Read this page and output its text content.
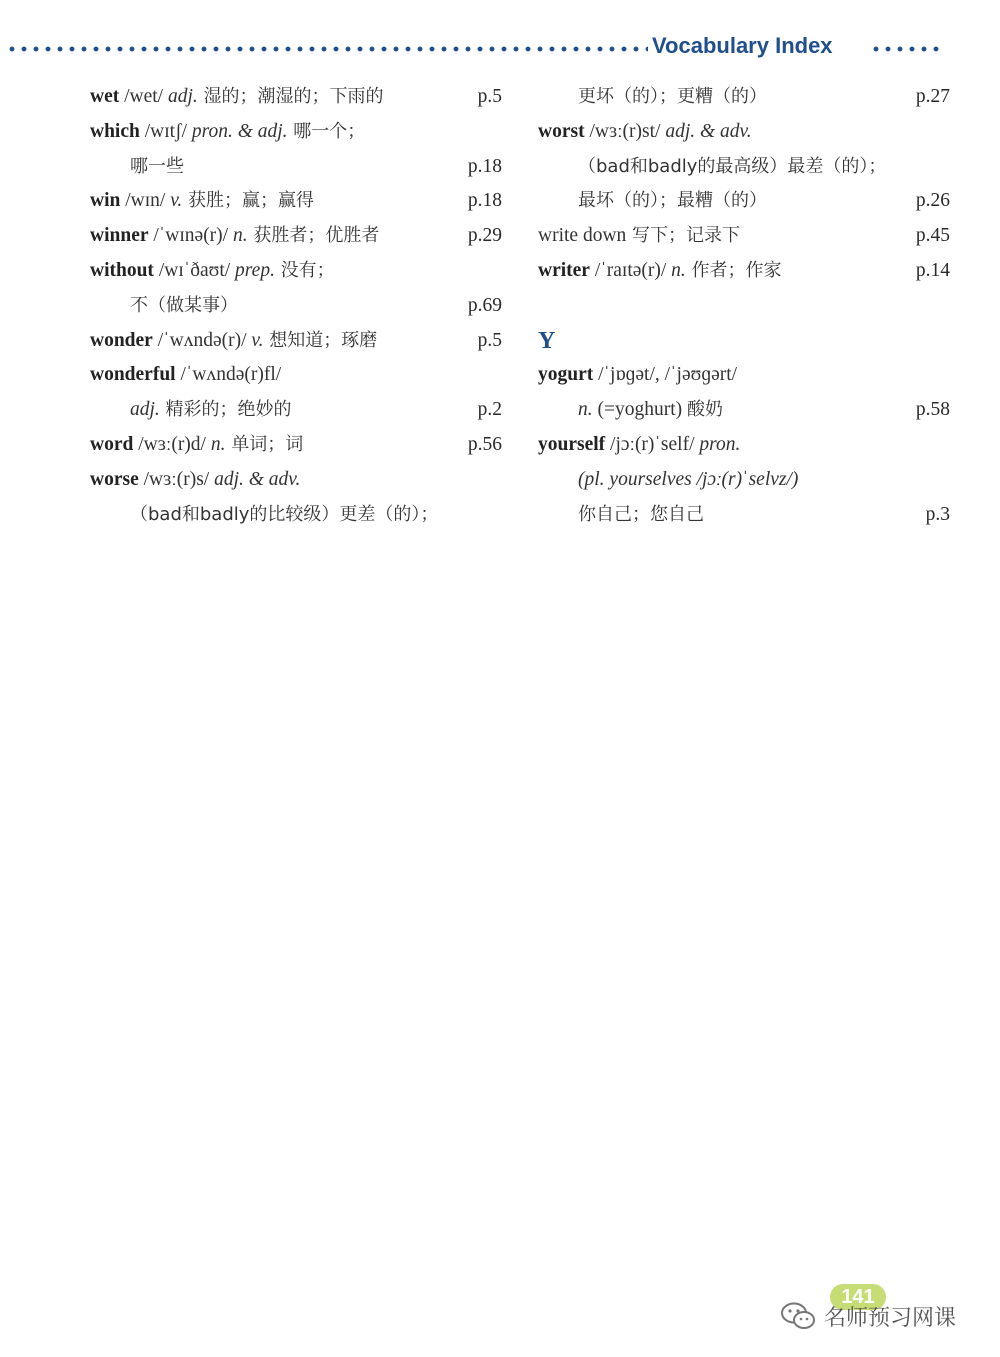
Vocabulary Index
wet /wet/ adj. 湿的；潮湿的；下雨的	p.5
which /wɪtʃ/ pron. & adj. 哪一个；
哪一些	p.18
win /wɪn/ v. 获胜；赢；赢得	p.18
winner /ˈwɪnə(r)/ n. 获胜者；优胜者	p.29
without /wɪˈðaʊt/ prep. 没有；
不（做某事）	p.69
wonder /ˈwʌndə(r)/ v. 想知道；琢磨	p.5
wonderful /ˈwʌndə(r)fl/
adj. 精彩的；绝妙的	p.2
word /wɜː(r)d/ n. 单词；词	p.56
worse /wɜː(r)s/ adj. & adv.
（bad和badly的比较级）更差（的）；
更坏（的）；更糟（的）	p.27
worst /wɜː(r)st/ adj. & adv.
（bad和badly的最高级）最差（的）；
最坏（的）；最糟（的）	p.26
write down 写下；记录下	p.45
writer /ˈraɪtə(r)/ n. 作者；作家	p.14
Y
yogurt /ˈjɒɡət/, /ˈjəʊɡərt/
n. (=yoghurt) 酸奶	p.58
yourself /jɔː(r)ˈself/ pron.
(pl. yourselves /jɔː(r)ˈselvz/)
你自己；您自己	p.3
141
名师预习网课
